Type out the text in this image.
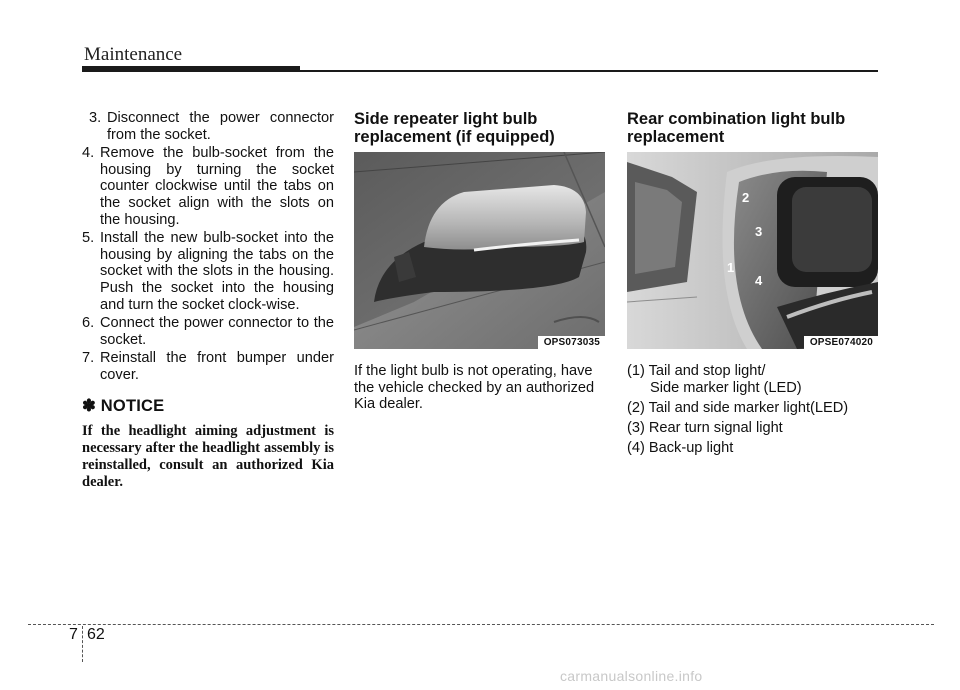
Maintenance
3. Disconnect the power connector from the socket.
4. Remove the bulb-socket from the housing by turning the socket counter clockwise until the tabs on the socket align with the slots on the housing.
5. Install the new bulb-socket into the housing by aligning the tabs on the socket with the slots in the housing. Push the socket into the housing and turn the socket clock-wise.
6. Connect the power connector to the socket.
7. Reinstall the front bumper under cover.
✽ NOTICE
If the headlight aiming adjustment is necessary after the headlight assembly is reinstalled, consult an authorized Kia dealer.
Side repeater light bulb
replacement (if equipped)
OPS073035
If the light bulb is not operating, have the vehicle checked by an authorized Kia dealer.
Rear combination light bulb
replacement
2
3
1
4
OPSE074020
(1) Tail and stop light/
Side marker light (LED)
(2) Tail and side marker light(LED)
(3) Rear turn signal light
(4) Back-up light
7 62
carmanualsonline.info
